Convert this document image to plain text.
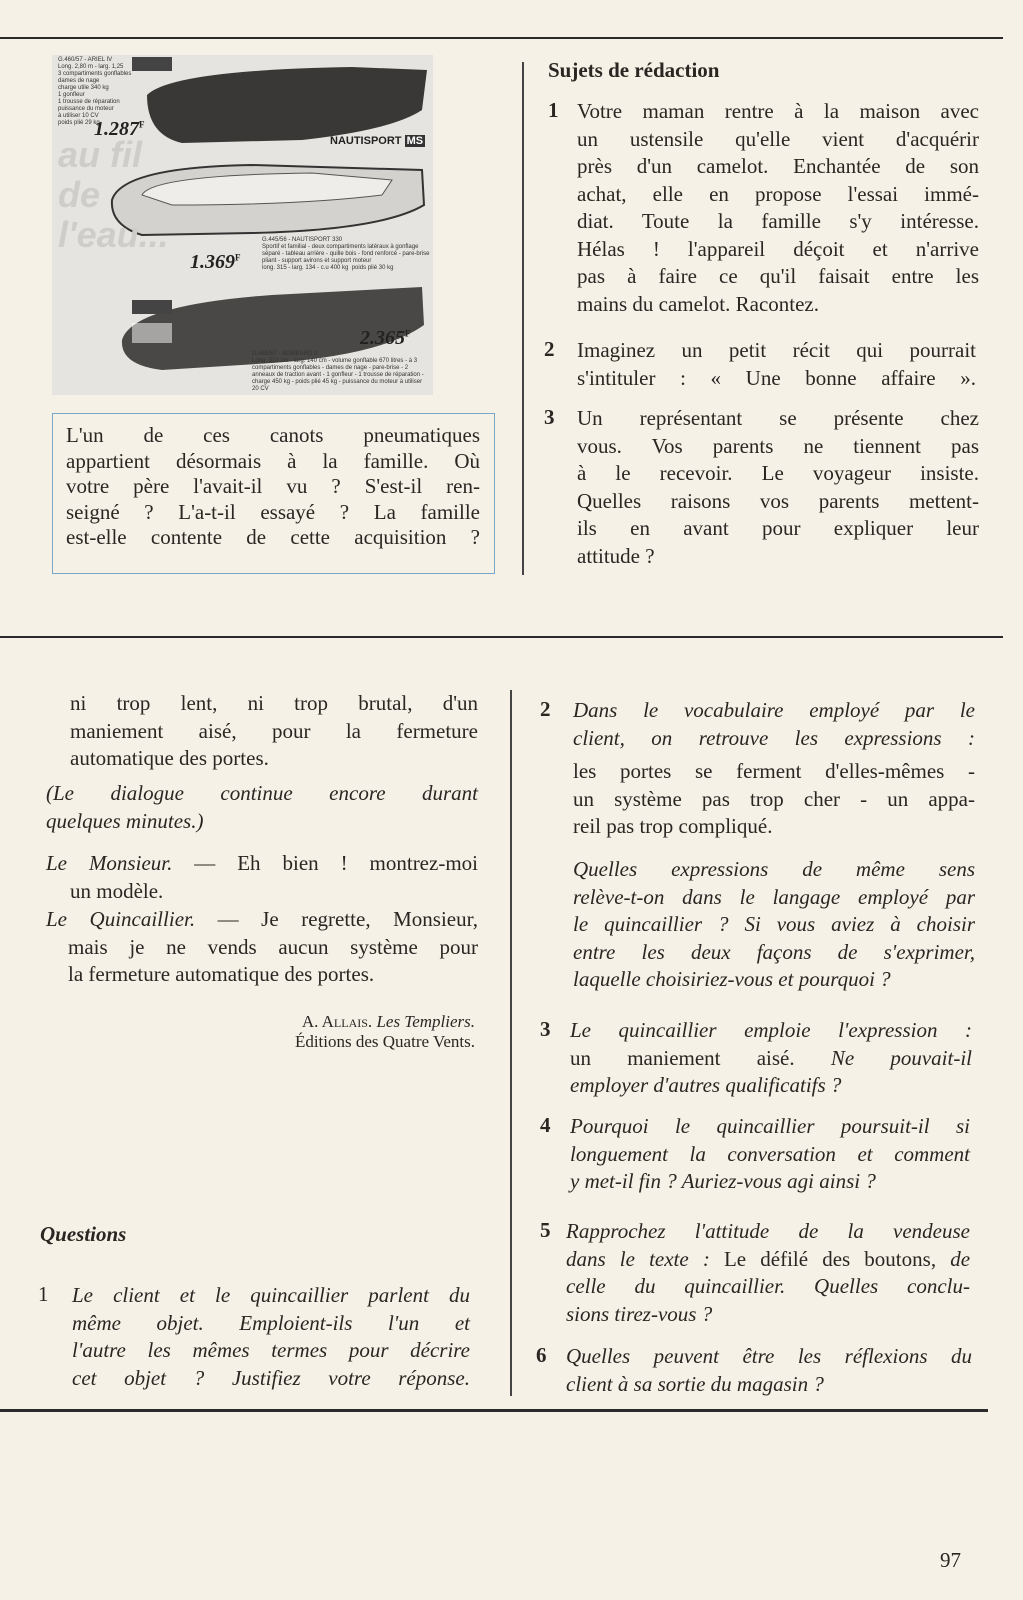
au fil de l'eau...
G.460/57 - ARIEL IV
Long. 2,80 m - larg. 1,25
3 compartiments gonflables
dames de nage
charge utile 340 kg
1 gonfleur
1 trousse de réparation
puissance du moteur
à utiliser 10 CV
poids plié 29 kg
$1.287^F$
NAUTISPORT MS
G.445/56 - NAUTISPORT 330
Sportif et familial - deux compartiments latéraux à gonflage séparé - tableau arrière - quille bois - fond renforcé - pare-brise pliant - support avirons et support moteur
long. 315 - larg. 134 - c.u 400 kg  poids plié 30 kg
$1.369^F$
$2.365^F$
G.465/57 - BOMBARD II
Long. 310 cm - larg. 140 cm - volume gonflable 670 litres - à 3 compartiments gonflables - dames de nage - pare-brise - 2 anneaux de traction avant - 1 gonfleur - 1 trousse de réparation - charge 450 kg - poids plié 45 kg - puissance du moteur à utiliser 20 CV
L'un de ces canots pneumatiques
appartient désormais à la famille. Où
votre père l'avait-il vu ? S'est-il ren-
seigné ? L'a-t-il essayé ? La famille
est-elle contente de cette acquisition ?
Sujets de rédaction
1 Votre maman rentre à la maison avec
un ustensile qu'elle vient d'acquérir
près d'un camelot. Enchantée de son
achat, elle en propose l'essai immé-
diat. Toute la famille s'y intéresse.
Hélas ! l'appareil déçoit et n'arrive
pas à faire ce qu'il faisait entre les
mains du camelot. Racontez.
2 Imaginez un petit récit qui pourrait
s'intituler : « Une bonne affaire ».
3 Un représentant se présente chez
vous. Vos parents ne tiennent pas
à le recevoir. Le voyageur insiste.
Quelles raisons vos parents mettent-
ils en avant pour expliquer leur
attitude ?
ni trop lent, ni trop brutal, d'un
maniement aisé, pour la fermeture
automatique des portes.
(Le dialogue continue encore durant
quelques minutes.)
Le Monsieur. — Eh bien ! montrez-moi
un modèle.
Le Quincaillier. — Je regrette, Monsieur,
mais je ne vends aucun système pour
la fermeture automatique des portes.
A. Allais. Les Templiers.
Éditions des Quatre Vents.
Questions
1 Le client et le quincaillier parlent du
même objet. Emploient-ils l'un et
l'autre les mêmes termes pour décrire
cet objet ? Justifiez votre réponse.
2 Dans le vocabulaire employé par le
client, on retrouve les expressions :
les portes se ferment d'elles-mêmes -
un système pas trop cher - un appa-
reil pas trop compliqué.
Quelles expressions de même sens
relève-t-on dans le langage employé par
le quincaillier ? Si vous aviez à choisir
entre les deux façons de s'exprimer,
laquelle choisiriez-vous et pourquoi ?
3 Le quincaillier emploie l'expression :
un maniement aisé. Ne pouvait-il
employer d'autres qualificatifs ?
4 Pourquoi le quincaillier poursuit-il si
longuement la conversation et comment
y met-il fin ? Auriez-vous agi ainsi ?
5 Rapprochez l'attitude de la vendeuse
dans le texte : Le défilé des boutons, de
celle du quincaillier. Quelles conclu-
sions tirez-vous ?
6 Quelles peuvent être les réflexions du
client à sa sortie du magasin ?
97
